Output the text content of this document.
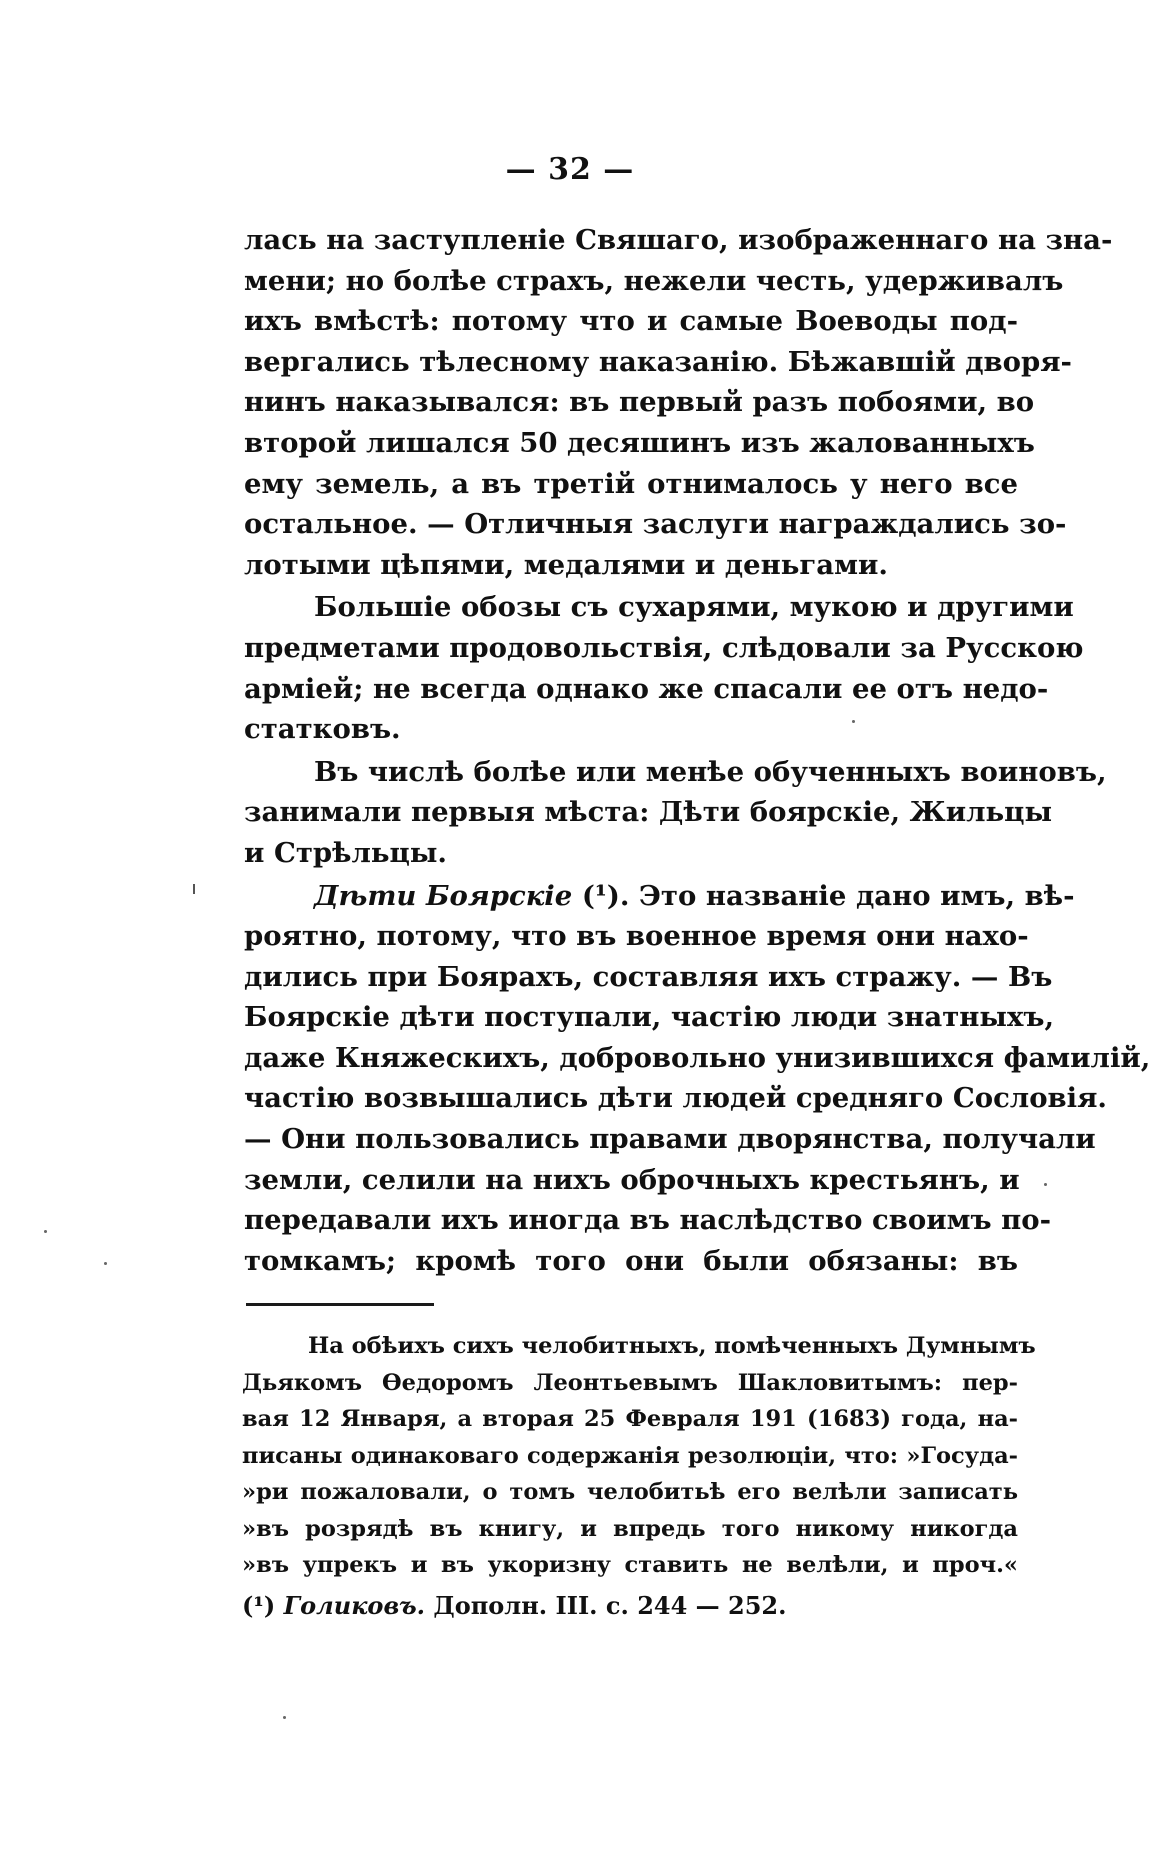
— 32 —
лась на заступленіе Свяшаго, изображеннаго на зна-
мени; но болѣе страхъ, нежели честь, удерживалъ
ихъ вмѣстѣ: потому что и самые Воеводы под-
вергались тѣлесному наказанію. Бѣжавшій дворя-
нинъ наказывался: въ первый разъ побоями, во
второй лишался 50 десяшинъ изъ жалованныхъ
ему земель, а въ третій отнималось у него все
остальное. — Отличныя заслуги награждались зо-
лотыми цѣпями, медалями и деньгами.
Большіе обозы съ сухарями, мукою и другими
предметами продовольствія, слѣдовали за Русскою
арміей; не всегда однако же спасали ее отъ недо-
статковъ.
Въ числѣ болѣе или менѣе обученныхъ воиновъ,
занимали первыя мѣста: Дѣти боярскіе, Жильцы
и Стрѣльцы.
Дѣти Боярскіе (¹). Это названіе дано имъ, вѣ-
роятно, потому, что въ военное время они нахо-
дились при Боярахъ, составляя ихъ стражу. — Въ
Боярскіе дѣти поступали, частію люди знатныхъ,
даже Княжескихъ, добровольно унизившихся фамилій,
частію возвышались дѣти людей средняго Сословія.
— Они пользовались правами дворянства, получали
земли, селили на нихъ оброчныхъ крестьянъ, и
передавали ихъ иногда въ наслѣдство своимъ по-
томкамъ; кромѣ того они были обязаны: въ
На обѣихъ сихъ челобитныхъ, помѣченныхъ Думнымъ
Дьякомъ Өедоромъ Леонтьевымъ Шакловитымъ: пер-
вая 12 Января, а вторая 25 Февраля 191 (1683) года, на-
писаны одинаковаго содержанія резолюціи, что: »Госуда-
»ри пожаловали, о томъ челобитьѣ его велѣли записать
»въ розрядѣ въ книгу, и впредь того никому никогда
»въ упрекъ и въ укоризну ставить не велѣли, и проч.«
(¹) Голиковъ. Дополн. III. с. 244 — 252.
